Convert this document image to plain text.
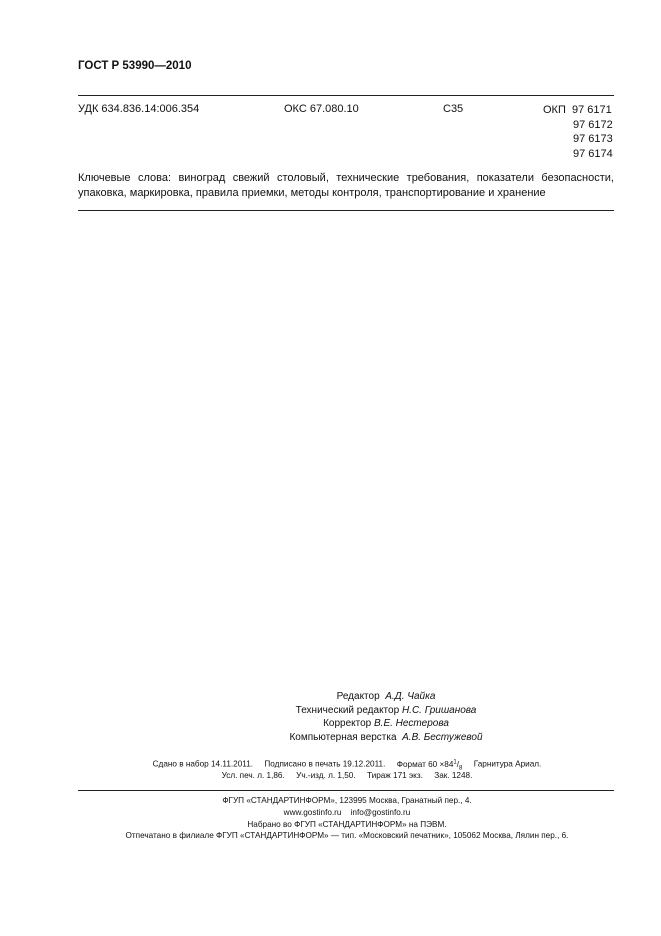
ГОСТ Р 53990—2010
УДК 634.836.14:006.354	ОКС 67.080.10	С35	ОКП 97 6171
97 6172
97 6173
97 6174
Ключевые слова: виноград свежий столовый, технические требования, показатели безопасности, упаковка, маркировка, правила приемки, методы контроля, транспортирование и хранение
Редактор А.Д. Чайка
Технический редактор Н.С. Гришанова
Корректор В.Е. Нестерова
Компьютерная верстка А.В. Бестужевой
Сдано в набор 14.11.2011. Подписано в печать 19.12.2011. Формат $60 \times 84^1/_8$ Гарнитура Ариал.
Усл. печ. л. 1,86. Уч.-изд. л. 1,50. Тираж 171 экз. Зак. 1248.
ФГУП «СТАНДАРТИНФОРМ», 123995 Москва, Гранатный пер., 4.
www.gostinfo.ru info@gostinfo.ru
Набрано во ФГУП «СТАНДАРТИНФОРМ» на ПЭВМ.
Отпечатано в филиале ФГУП «СТАНДАРТИНФОРМ» — тип. «Московский печатник», 105062 Москва, Лялин пер., 6.
